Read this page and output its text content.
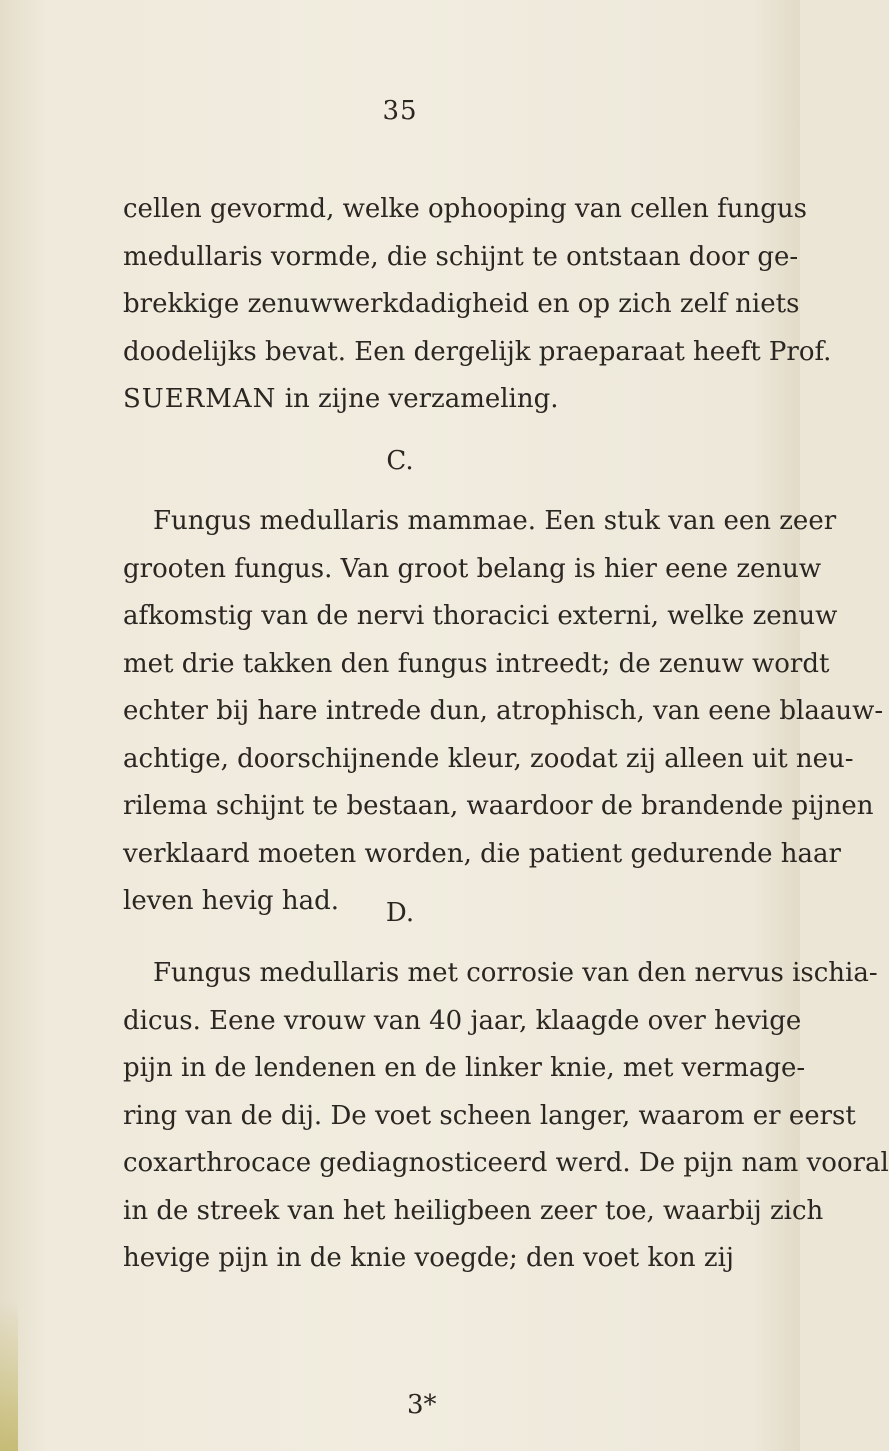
35
cellen gevormd, welke ophooping van cellen fungus
medullaris vormde, die schijnt te ontstaan door ge-
brekkige zenuwwerkdadigheid en op zich zelf niets
doodelijks bevat. Een dergelijk praeparaat heeft Prof.
SUERMAN in zijne verzameling.
C.
Fungus medullaris mammae. Een stuk van een zeer
grooten fungus. Van groot belang is hier eene zenuw
afkomstig van de nervi thoracici externi, welke zenuw
met drie takken den fungus intreedt; de zenuw wordt
echter bij hare intrede dun, atrophisch, van eene blaauw-
achtige, doorschijnende kleur, zoodat zij alleen uit neu-
rilema schijnt te bestaan, waardoor de brandende pijnen
verklaard moeten worden, die patient gedurende haar
leven hevig had.	D.
Fungus medullaris met corrosie van den nervus ischia-
dicus. Eene vrouw van 40 jaar, klaagde over hevige
pijn in de lendenen en de linker knie, met vermage-
ring van de dij. De voet scheen langer, waarom er eerst
coxarthrocace gediagnosticeerd werd. De pijn nam vooral
in de streek van het heiligbeen zeer toe, waarbij zich
hevige pijn in de knie voegde; den voet kon zij
3*
